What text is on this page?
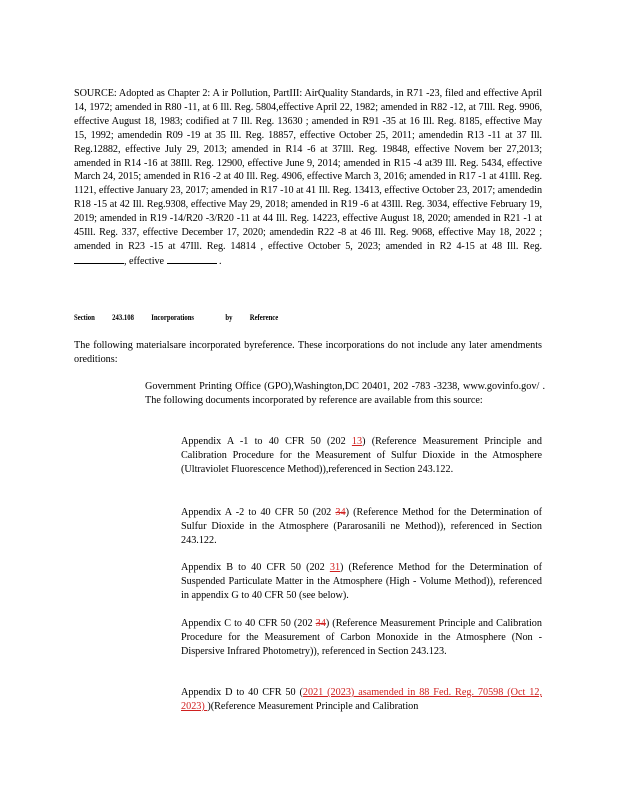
SOURCE: Adopted as Chapter 2: A ir Pollution, PartIII: AirQuality Standards, in R71 -23, filed and effective April 14, 1972; amended in R80 -11, at 6 Ill. Reg. 5804,effective April 22, 1982; amended in R82 -12, at 7Ill. Reg. 9906, effective August 18, 1983; codified at 7 Ill. Reg. 13630 ; amended in R91 -35 at 16 Ill. Reg. 8185, effective May 15, 1992; amendedin R09 -19 at 35 Ill. Reg. 18857, effective October 25, 2011; amendedin R13 -11 at 37 Ill. Reg.12882, effective July 29, 2013; amended in R14 -6 at 37Ill. Reg. 19848, effective Novem ber 27,2013; amended in R14 -16 at 38Ill. Reg. 12900, effective June 9, 2014; amended in R15 -4 at39 Ill. Reg. 5434, effective March 24, 2015; amended in R16 -2 at 40 Ill. Reg. 4906, effective March 3, 2016; amended in R17 -1 at 41Ill. Reg. 1121, effective January 23, 2017; amended in R17 -10 at 41 Ill. Reg. 13413, effective October 23, 2017; amendedin R18 -15 at 42 Ill. Reg.9308, effective May 29, 2018; amended in R19 -6 at 43Ill. Reg. 3034, effective February 19, 2019; amended in R19 -14/R20 -3/R20 -11 at 44 Ill. Reg. 14223, effective August 18, 2020; amended in R21 -1 at 45Ill. Reg. 337, effective December 17, 2020; amendedin R22 -8 at 46 Ill. Reg. 9068, effective May 18, 2022 ; amended in R23 -15 at 47Ill. Reg. 14814 , effective October 5, 2023; amended in R2 4-15 at 48 Ill. Reg., effective	.

Section 243.108 Incorporations	by Reference

The following materialsare incorporated byreference. These incorporations do not include any later amendments oreditions:

Government Printing Office (GPO),Washington,DC 20401, 202 -783 -3238, www.govinfo.gov/ . The following documents incorporated by reference are available from this source:

Appendix A -1 to 40 CFR 50 (202 13) (Reference Measurement Principle and Calibration Procedure for the Measurement of Sulfur Dioxide in the Atmosphere (Ultraviolet Fluorescence Method)),referenced in Section 243.122.

Appendix A -2 to 40 CFR 50 (202 34) (Reference Method for the Determination of Sulfur Dioxide in the Atmosphere (Pararosanili ne Method)), referenced in Section 243.122.

Appendix B to 40 CFR 50 (202 31) (Reference Method for the Determination of Suspended Particulate Matter in the Atmosphere (High - Volume Method)), referenced in appendix G to 40 CFR 50 (see below).

Appendix C to 40 CFR 50 (202 34) (Reference Measurement Principle and Calibration Procedure for the Measurement of Carbon Monoxide in the Atmosphere (Non -Dispersive Infrared Photometry)), referenced in Section 243.123.

Appendix D to 40 CFR 50 (2021 (2023) asamended in 88 Fed. Reg. 70598 (Oct 12, 2023) )(Reference Measurement Principle and Calibration
